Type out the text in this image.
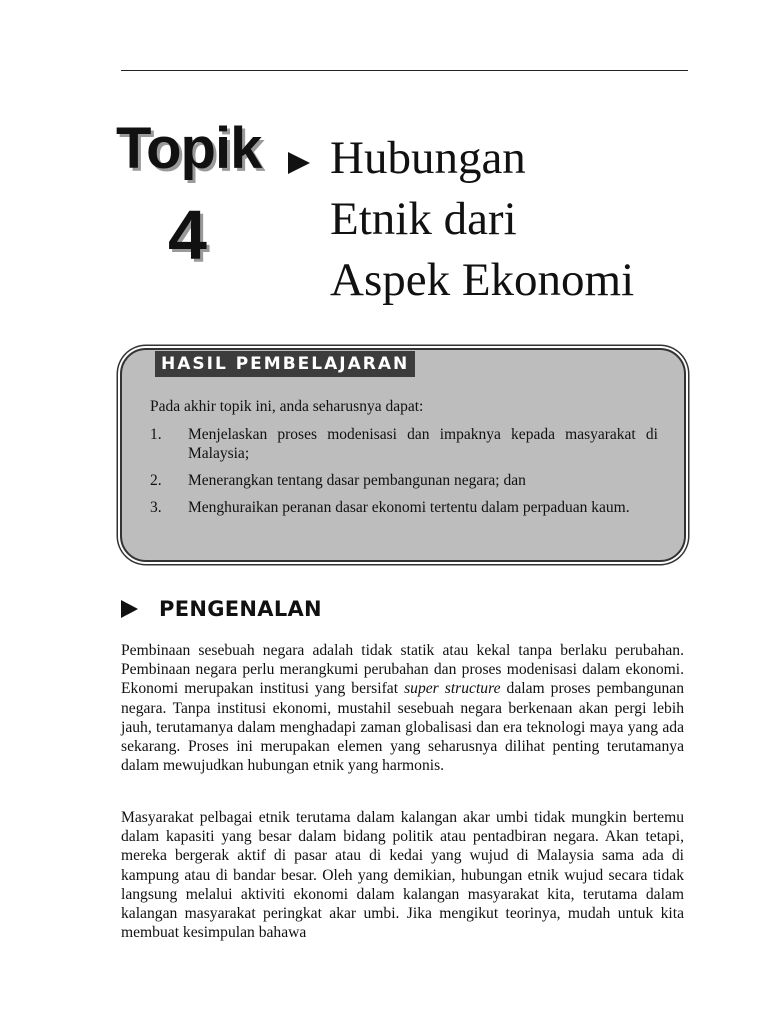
Topik
4
Hubungan
Etnik dari
Aspek Ekonomi
HASIL PEMBELAJARAN
Pada akhir topik ini, anda seharusnya dapat:
1.	Menjelaskan proses modenisasi dan impaknya kepada masyarakat di Malaysia;
2.	Menerangkan tentang dasar pembangunan negara; dan
3.	Menghuraikan peranan dasar ekonomi tertentu dalam perpaduan kaum.
PENGENALAN

Pembinaan sesebuah negara adalah tidak statik atau kekal tanpa berlaku perubahan. Pembinaan negara perlu merangkumi perubahan dan proses modenisasi dalam ekonomi. Ekonomi merupakan institusi yang bersifat super structure dalam proses pembangunan negara. Tanpa institusi ekonomi, mustahil sesebuah negara berkenaan akan pergi lebih jauh, terutamanya dalam menghadapi zaman globalisasi dan era teknologi maya yang ada sekarang. Proses ini merupakan elemen yang seharusnya dilihat penting terutamanya dalam mewujudkan hubungan etnik yang harmonis.

Masyarakat pelbagai etnik terutama dalam kalangan akar umbi tidak mungkin bertemu dalam kapasiti yang besar dalam bidang politik atau pentadbiran negara. Akan tetapi, mereka bergerak aktif di pasar atau di kedai yang wujud di Malaysia sama ada di kampung atau di bandar besar. Oleh yang demikian, hubungan etnik wujud secara tidak langsung melalui aktiviti ekonomi dalam kalangan masyarakat kita, terutama dalam kalangan masyarakat peringkat akar umbi. Jika mengikut teorinya, mudah untuk kita membuat kesimpulan bahawa
